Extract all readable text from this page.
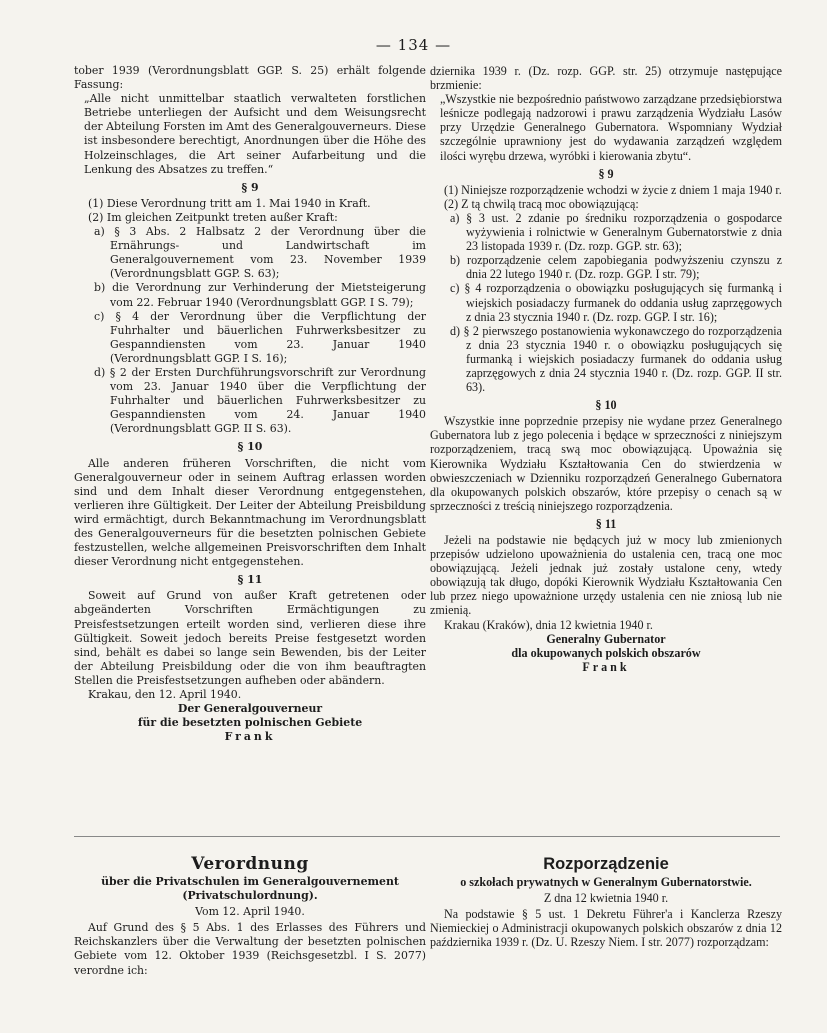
— 134 —

tober 1939 (Verordnungsblatt GGP. S. 25) erhält folgende Fassung:

„Alle nicht unmittelbar staatlich verwalteten forstlichen Betriebe unterliegen der Aufsicht und dem Weisungsrecht der Abteilung Forsten im Amt des Generalgouverneurs. Diese ist insbesondere berechtigt, Anordnungen über die Höhe des Holzeinschlages, die Art seiner Aufarbeitung und die Lenkung des Absatzes zu treffen.“

§ 9

(1) Diese Verordnung tritt am 1. Mai 1940 in Kraft.

(2) Im gleichen Zeitpunkt treten außer Kraft:

a) § 3 Abs. 2 Halbsatz 2 der Verordnung über die Ernährungs- und Landwirtschaft im Generalgouvernement vom 23. November 1939 (Verordnungsblatt GGP. S. 63);

b) die Verordnung zur Verhinderung der Mietsteigerung vom 22. Februar 1940 (Verordnungsblatt GGP. I S. 79);

c) § 4 der Verordnung über die Verpflichtung der Fuhrhalter und bäuerlichen Fuhrwerksbesitzer zu Gespanndiensten vom 23. Januar 1940 (Verordnungsblatt GGP. I S. 16);

d) § 2 der Ersten Durchführungsvorschrift zur Verordnung vom 23. Januar 1940 über die Verpflichtung der Fuhrhalter und bäuerlichen Fuhrwerksbesitzer zu Gespanndiensten vom 24. Januar 1940 (Verordnungsblatt GGP. II S. 63).

§ 10

Alle anderen früheren Vorschriften, die nicht vom Generalgouverneur oder in seinem Auftrag erlassen worden sind und dem Inhalt dieser Verordnung entgegenstehen, verlieren ihre Gültigkeit. Der Leiter der Abteilung Preisbildung wird ermächtigt, durch Bekanntmachung im Verordnungsblatt des Generalgouverneurs für die besetzten polnischen Gebiete festzustellen, welche allgemeinen Preisvorschriften dem Inhalt dieser Verordnung nicht entgegenstehen.

§ 11

Soweit auf Grund von außer Kraft getretenen oder abgeänderten Vorschriften Ermächtigungen zu Preisfestsetzungen erteilt worden sind, verlieren diese ihre Gültigkeit. Soweit jedoch bereits Preise festgesetzt worden sind, behält es dabei so lange sein Bewenden, bis der Leiter der Abteilung Preisbildung oder die von ihm beauftragten Stellen die Preisfestsetzungen aufheben oder abändern.

Krakau, den 12. April 1940.

Der Generalgouverneur

für die besetzten polnischen Gebiete

Frank

dziernika 1939 r. (Dz. rozp. GGP. str. 25) otrzymuje następujące brzmienie:

„Wszystkie nie bezpośrednio państwowo zarządzane przedsiębiorstwa leśnicze podlegają nadzorowi i prawu zarządzenia Wydziału Lasów przy Urzędzie Generalnego Gubernatora. Wspomniany Wydział szczególnie uprawniony jest do wydawania zarządzeń względem ilości wyrębu drzewa, wyróbki i kierowania zbytu“.

§ 9

(1) Niniejsze rozporządzenie wchodzi w życie z dniem 1 maja 1940 r.

(2) Z tą chwilą tracą moc obowiązującą:

a) § 3 ust. 2 zdanie po średniku rozporządzenia o gospodarce wyżywienia i rolnictwie w Generalnym Gubernatorstwie z dnia 23 listopada 1939 r. (Dz. rozp. GGP. str. 63);

b) rozporządzenie celem zapobiegania podwyższeniu czynszu z dnia 22 lutego 1940 r. (Dz. rozp. GGP. I str. 79);

c) § 4 rozporządzenia o obowiązku posługujących się furmanką i wiejskich posiadaczy furmanek do oddania usług zaprzęgowych z dnia 23 stycznia 1940 r. (Dz. rozp. GGP. I str. 16);

d) § 2 pierwszego postanowienia wykonawczego do rozporządzenia z dnia 23 stycznia 1940 r. o obowiązku posługujących się furmanką i wiejskich posiadaczy furmanek do oddania usług zaprzęgowych z dnia 24 stycznia 1940 r. (Dz. rozp. GGP. II str. 63).

§ 10

Wszystkie inne poprzednie przepisy nie wydane przez Generalnego Gubernatora lub z jego polecenia i będące w sprzeczności z niniejszym rozporządzeniem, tracą swą moc obowiązującą. Upoważnia się Kierownika Wydziału Kształtowania Cen do stwierdzenia w obwieszczeniach w Dzienniku rozporządzeń Generalnego Gubernatora dla okupowanych polskich obszarów, które przepisy o cenach są w sprzeczności z treścią niniejszego rozporządzenia.

§ 11

Jeżeli na podstawie nie będących już w mocy lub zmienionych przepisów udzielono upoważnienia do ustalenia cen, tracą one moc obowiązującą. Jeżeli jednak już zostały ustalone ceny, wtedy obowiązują tak długo, dopóki Kierownik Wydziału Kształtowania Cen lub przez niego upoważnione urzędy ustalenia cen nie zniosą lub nie zmienią.

Krakau (Kraków), dnia 12 kwietnia 1940 r.

Generalny Gubernator

dla okupowanych polskich obszarów

Frank

Verordnung

über die Privatschulen im Generalgouvernement (Privatschulordnung).

Vom 12. April 1940.

Auf Grund des § 5 Abs. 1 des Erlasses des Führers und Reichskanzlers über die Verwaltung der besetzten polnischen Gebiete vom 12. Oktober 1939 (Reichsgesetzbl. I S. 2077) verordne ich:

Rozporządzenie

o szkołach prywatnych w Generalnym Gubernatorstwie.

Z dna 12 kwietnia 1940 r.

Na podstawie § 5 ust. 1 Dekretu Führer'a i Kanclerza Rzeszy Niemieckiej o Administracji okupowanych polskich obszarów z dnia 12 października 1939 r. (Dz. U. Rzeszy Niem. I str. 2077) rozporządzam:
